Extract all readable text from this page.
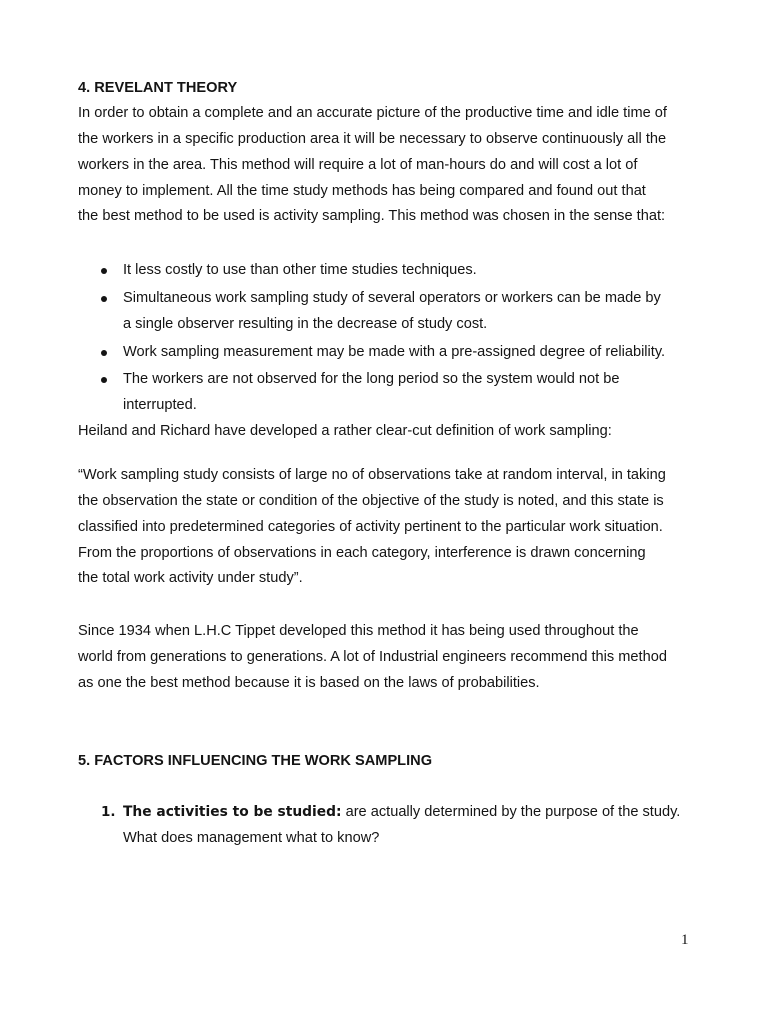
4. REVELANT THEORY
In order to obtain a complete and an accurate picture of the productive time and idle time of
the workers in a specific production area it will be necessary to observe continuously all the
workers in the area. This method will require a lot of man-hours do and will cost a lot of
money to implement. All the time study methods has being compared and found out that
the best method to be used is activity sampling. This method was chosen in the sense that:
It less costly to use than other time studies techniques.
Simultaneous work sampling study of several operators or workers can be made by
a single observer resulting in the decrease of study cost.
Work sampling measurement may be made with a pre-assigned degree of reliability.
The workers are not observed for the long period so the system would not be
interrupted.
Heiland and Richard have developed a rather clear-cut definition of work sampling:
“Work sampling study consists of large no of observations take at random interval, in taking
the observation the state or condition of the objective of the study is noted, and this state is
classified into predetermined categories of activity pertinent to the particular work situation.
From the proportions of observations in each category, interference is drawn concerning
the total work activity under study”.
Since 1934 when L.H.C Tippet developed this method it has being used throughout the
world from generations to generations. A lot of Industrial engineers recommend this method
as one the best method because it is based on the laws of probabilities.
5. FACTORS INFLUENCING THE WORK SAMPLING
1. The activities to be studied: are actually determined by the purpose of the study.
What does management what to know?
1
